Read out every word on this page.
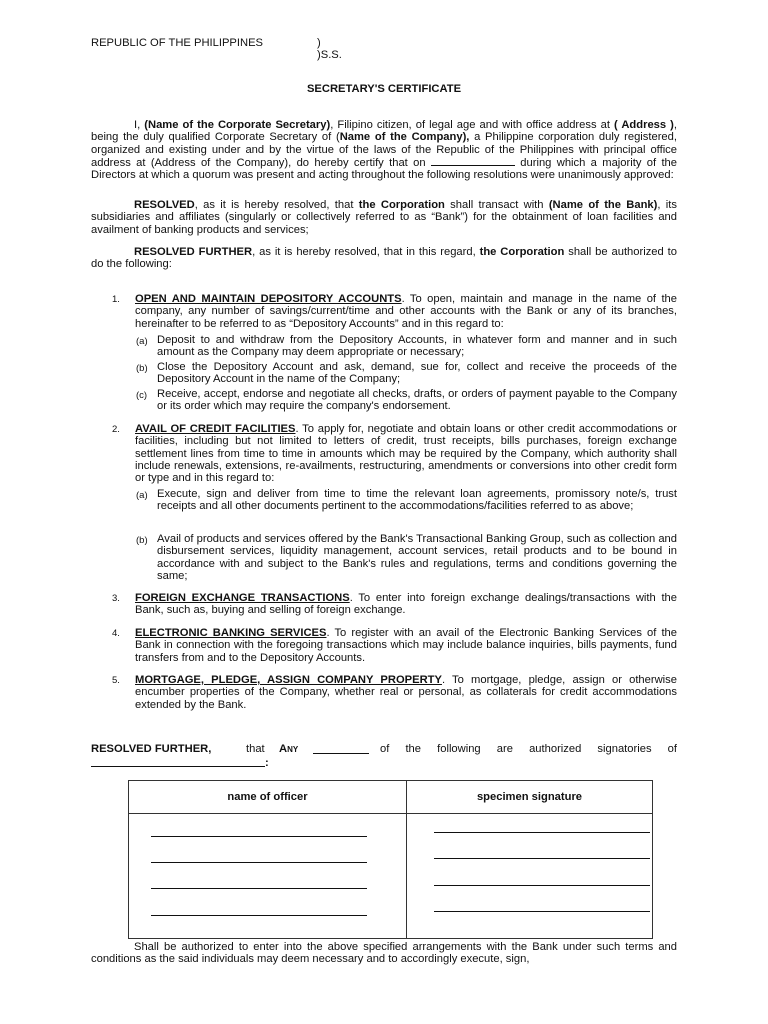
REPUBLIC OF THE PHILIPPINES	)
)S.S.
SECRETARY'S CERTIFICATE
I, (Name of the Corporate Secretary), Filipino citizen, of legal age and with office address at ( Address ), being the duly qualified Corporate Secretary of (Name of the Company), a Philippine corporation duly registered, organized and existing under and by the virtue of the laws of the Republic of the Philippines with principal office address at (Address of the Company), do hereby certify that on	during which a majority of the Directors at which a quorum was present and acting throughout the following resolutions were unanimously approved:
RESOLVED, as it is hereby resolved, that the Corporation shall transact with (Name of the Bank), its subsidiaries and affiliates (singularly or collectively referred to as “Bank”) for the obtainment of loan facilities and availment of banking products and services;
RESOLVED FURTHER, as it is hereby resolved, that in this regard, the Corporation shall be authorized to do the following:
1. OPEN AND MAINTAIN DEPOSITORY ACCOUNTS. To open, maintain and manage in the name of the company, any number of savings/current/time and other accounts with the Bank or any of its branches, hereinafter to be referred to as “Depository Accounts” and in this regard to:
(a) Deposit to and withdraw from the Depository Accounts, in whatever form and manner and in such amount as the Company may deem appropriate or necessary;
(b) Close the Depository Account and ask, demand, sue for, collect and receive the proceeds of the Depository Account in the name of the Company;
(c) Receive, accept, endorse and negotiate all checks, drafts, or orders of payment payable to the Company or its order which may require the company's endorsement.
2. AVAIL OF CREDIT FACILITIES. To apply for, negotiate and obtain loans or other credit accommodations or facilities, including but not limited to letters of credit, trust receipts, bills purchases, foreign exchange settlement lines from time to time in amounts which may be required by the Company, which authority shall include renewals, extensions, re-availments, restructuring, amendments or conversions into other credit form or type and in this regard to:
(a) Execute, sign and deliver from time to time the relevant loan agreements, promissory note/s, trust receipts and all other documents pertinent to the accommodations/facilities referred to as above;
(b) Avail of products and services offered by the Bank's Transactional Banking Group, such as collection and disbursement services, liquidity management, account services, retail products and to be bound in accordance with and subject to the Bank's rules and regulations, terms and conditions governing the same;
3. FOREIGN EXCHANGE TRANSACTIONS. To enter into foreign exchange dealings/transactions with the Bank, such as, buying and selling of foreign exchange.
4. ELECTRONIC BANKING SERVICES. To register with an avail of the Electronic Banking Services of the Bank in connection with the foregoing transactions which may include balance inquiries, bills payments, fund transfers from and to the Depository Accounts.
5. MORTGAGE, PLEDGE, ASSIGN COMPANY PROPERTY. To mortgage, pledge, assign or otherwise encumber properties of the Company, whether real or personal, as collaterals for credit accommodations extended by the Bank.
RESOLVED FURTHER,	that Any	of the following are authorized signatories of
:
name of officer	specimen signature

Shall be authorized to enter into the above specified arrangements with the Bank under such terms and conditions as the said individuals may deem necessary and to accordingly execute, sign,
